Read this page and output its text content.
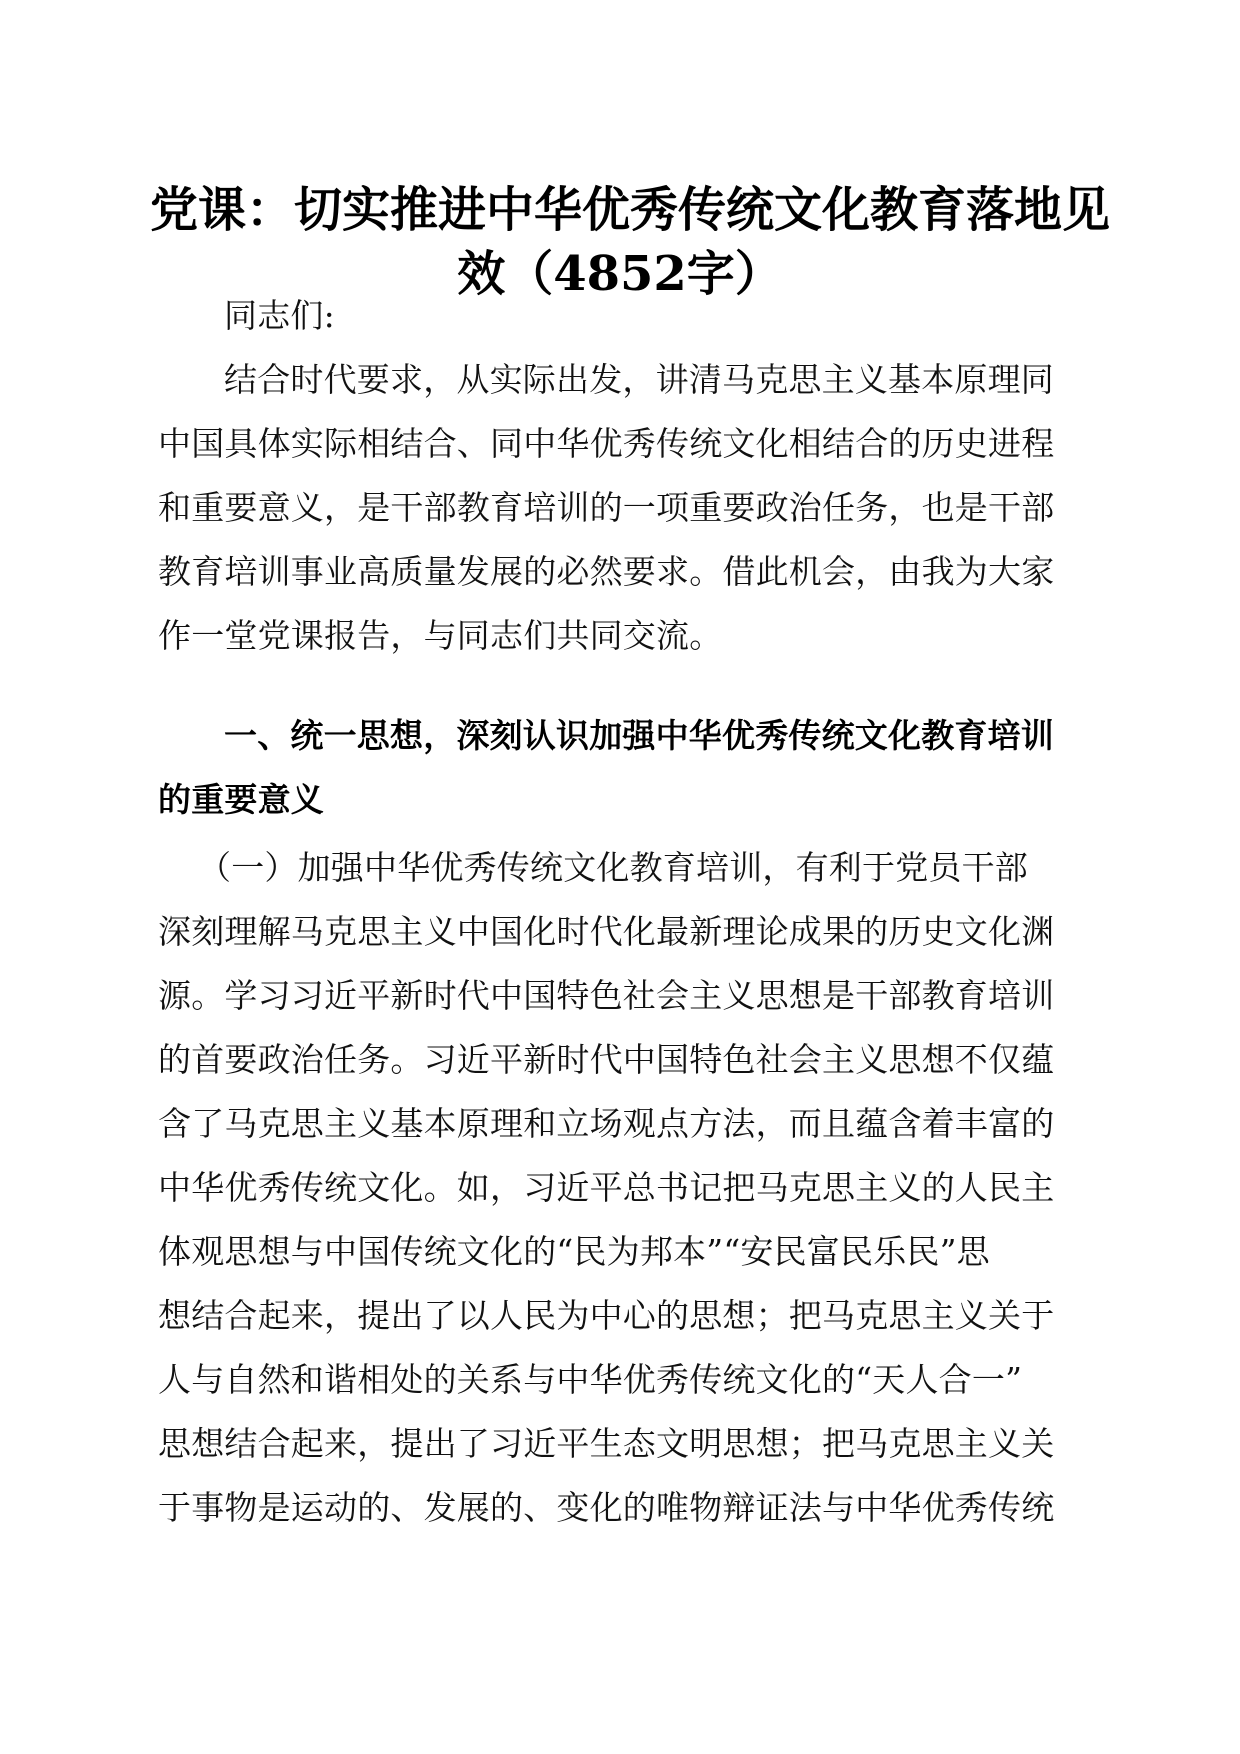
党课：切实推进中华优秀传统文化教育落地见
效（4852字）
同志们:
结合时代要求，从实际出发，讲清马克思主义基本原理同
中国具体实际相结合、同中华优秀传统文化相结合的历史进程
和重要意义，是干部教育培训的一项重要政治任务，也是干部
教育培训事业高质量发展的必然要求。借此机会，由我为大家
作一堂党课报告，与同志们共同交流。
一、统一思想，深刻认识加强中华优秀传统文化教育培训
的重要意义
（一）加强中华优秀传统文化教育培训，有利于党员干部
深刻理解马克思主义中国化时代化最新理论成果的历史文化渊
源。学习习近平新时代中国特色社会主义思想是干部教育培训
的首要政治任务。习近平新时代中国特色社会主义思想不仅蕴
含了马克思主义基本原理和立场观点方法，而且蕴含着丰富的
中华优秀传统文化。如，习近平总书记把马克思主义的人民主
体观思想与中国传统文化的“民为邦本”“安民富民乐民”思
想结合起来，提出了以人民为中心的思想；把马克思主义关于
人与自然和谐相处的关系与中华优秀传统文化的“天人合一”
思想结合起来，提出了习近平生态文明思想；把马克思主义关
于事物是运动的、发展的、变化的唯物辩证法与中华优秀传统
